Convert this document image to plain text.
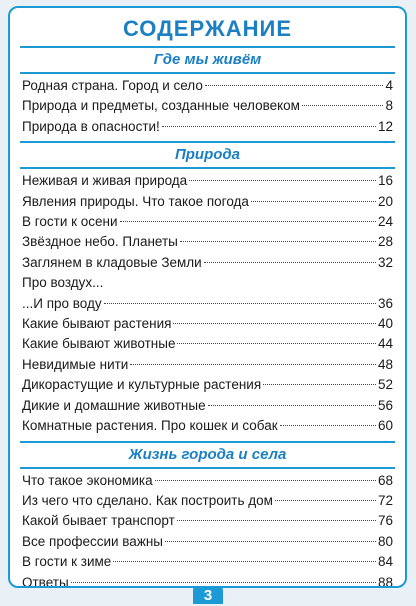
СОДЕРЖАНИЕ
Где мы живём
Родная страна. Город и село	4
Природа и предметы, созданные человеком	8
Природа в опасности!	12
Природа
Неживая и живая природа	16
Явления природы. Что такое погода	20
В гости к осени	24
Звёздное небо. Планеты	28
Заглянем в кладовые Земли	32
Про воздух...
...И про воду	36
Какие бывают растения	40
Какие бывают животные	44
Невидимые нити	48
Дикорастущие и культурные растения	52
Дикие и домашние животные	56
Комнатные растения. Про кошек и собак	60
Жизнь города и села
Что такое экономика	68
Из чего что сделано. Как построить дом	72
Какой бывает транспорт	76
Все профессии важны	80
В гости к зиме	84
Ответы	88
3
